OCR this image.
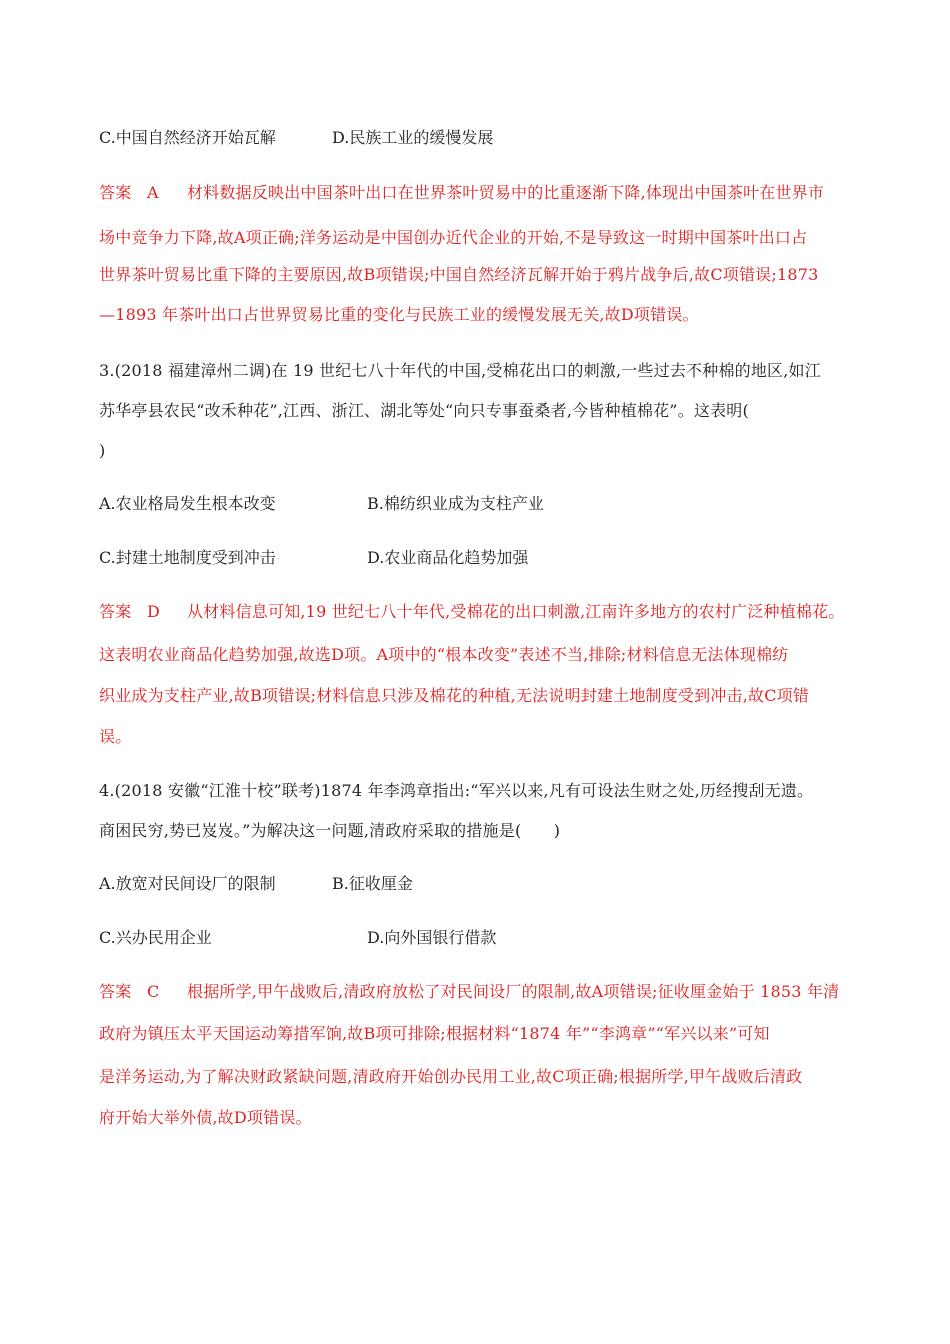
C.中国自然经济开始瓦解	D.民族工业的缓慢发展
答案 A 材料数据反映出中国茶叶出口在世界茶叶贸易中的比重逐渐下降,体现出中国茶叶在世界市
场中竞争力下降,故A项正确;洋务运动是中国创办近代企业的开始,不是导致这一时期中国茶叶出口占
世界茶叶贸易比重下降的主要原因,故B项错误;中国自然经济瓦解开始于鸦片战争后,故C项错误;1873
—1893 年茶叶出口占世界贸易比重的变化与民族工业的缓慢发展无关,故D项错误。
3.(2018 福建漳州二调)在 19 世纪七八十年代的中国,受棉花出口的刺激,一些过去不种棉的地区,如江
苏华亭县农民“改禾种花”,江西、浙江、湖北等处“向只专事蚕桑者,今皆种植棉花”。这表明(
)
A.农业格局发生根本改变	B.棉纺织业成为支柱产业
C.封建土地制度受到冲击	D.农业商品化趋势加强
答案 D 从材料信息可知,19 世纪七八十年代,受棉花的出口刺激,江南许多地方的农村广泛种植棉花。
这表明农业商品化趋势加强,故选D项。A项中的“根本改变”表述不当,排除;材料信息无法体现棉纺
织业成为支柱产业,故B项错误;材料信息只涉及棉花的种植,无法说明封建土地制度受到冲击,故C项错
误。
4.(2018 安徽“江淮十校”联考)1874 年李鸿章指出:“军兴以来,凡有可设法生财之处,历经搜刮无遗。
商困民穷,势已岌岌。”为解决这一问题,清政府采取的措施是(　　)
A.放宽对民间设厂的限制	B.征收厘金
C.兴办民用企业	D.向外国银行借款
答案 C 根据所学,甲午战败后,清政府放松了对民间设厂的限制,故A项错误;征收厘金始于 1853 年清
政府为镇压太平天国运动筹措军饷,故B项可排除;根据材料“1874 年”“李鸿章”“军兴以来”可知
是洋务运动,为了解决财政紧缺问题,清政府开始创办民用工业,故C项正确;根据所学,甲午战败后清政
府开始大举外债,故D项错误。
